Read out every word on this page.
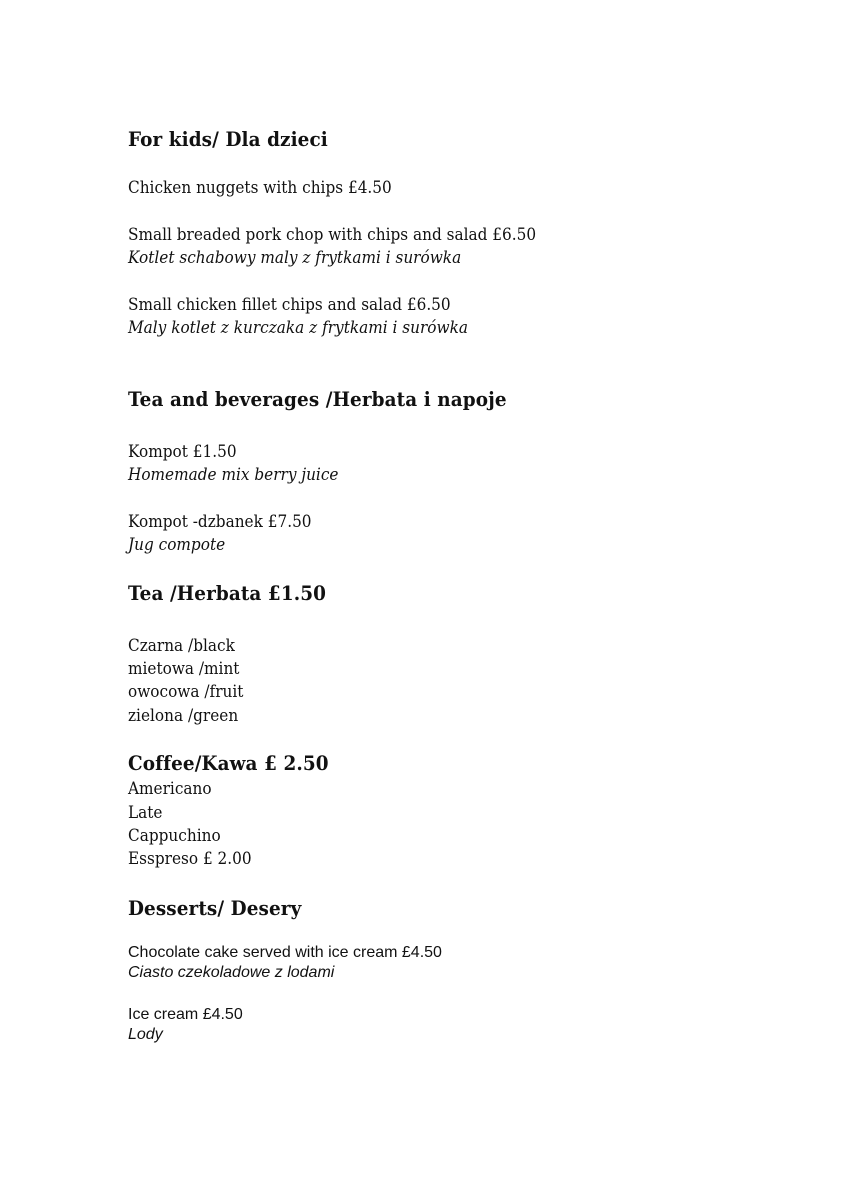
For kids/ Dla dzieci
Chicken nuggets with chips £4.50
Small breaded pork chop with chips and salad £6.50
Kotlet schabowy maly z frytkami i surówka
Small chicken fillet chips and salad £6.50
Maly kotlet z kurczaka z frytkami i surówka
Tea and beverages /Herbata i napoje
Kompot £1.50
Homemade mix berry juice
Kompot -dzbanek £7.50
Jug compote
Tea /Herbata £1.50
Czarna /black
mietowa /mint
owocowa /fruit
zielona /green
Coffee/Kawa £ 2.50
Americano
Late
Cappuchino
Esspreso £ 2.00
Desserts/ Desery
Chocolate cake served with ice cream £4.50
Ciasto czekoladowe z lodami
Ice cream £4.50
Lody
